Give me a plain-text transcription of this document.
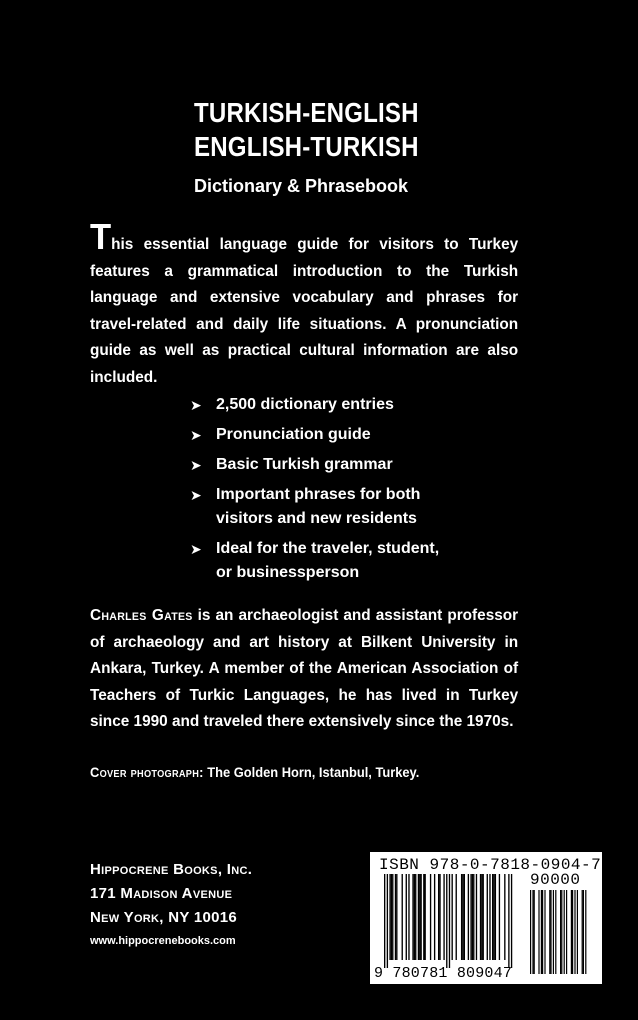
TURKISH-ENGLISH
ENGLISH-TURKISH
Dictionary & Phrasebook
This essential language guide for visitors to Turkey features a grammatical introduction to the Turkish language and extensive vocabulary and phrases for travel-related and daily life situations. A pronunciation guide as well as practical cultural information are also included.
➤ 2,500 dictionary entries
➤ Pronunciation guide
➤ Basic Turkish grammar
➤ Important phrases for both
visitors and new residents
➤ Ideal for the traveler, student,
or businessperson
Charles Gates is an archaeologist and assistant professor of archaeology and art history at Bilkent University in Ankara, Turkey. A member of the American Association of Teachers of Turkic Languages, he has lived in Turkey since 1990 and traveled there extensively since the 1970s.
Cover photograph: The Golden Horn, Istanbul, Turkey.
Hippocrene Books, Inc.
171 Madison Avenue
New York, NY 10016
www.hippocrenebooks.com
ISBN 978-0-7818-0904-7
90000
9 780781 809047
